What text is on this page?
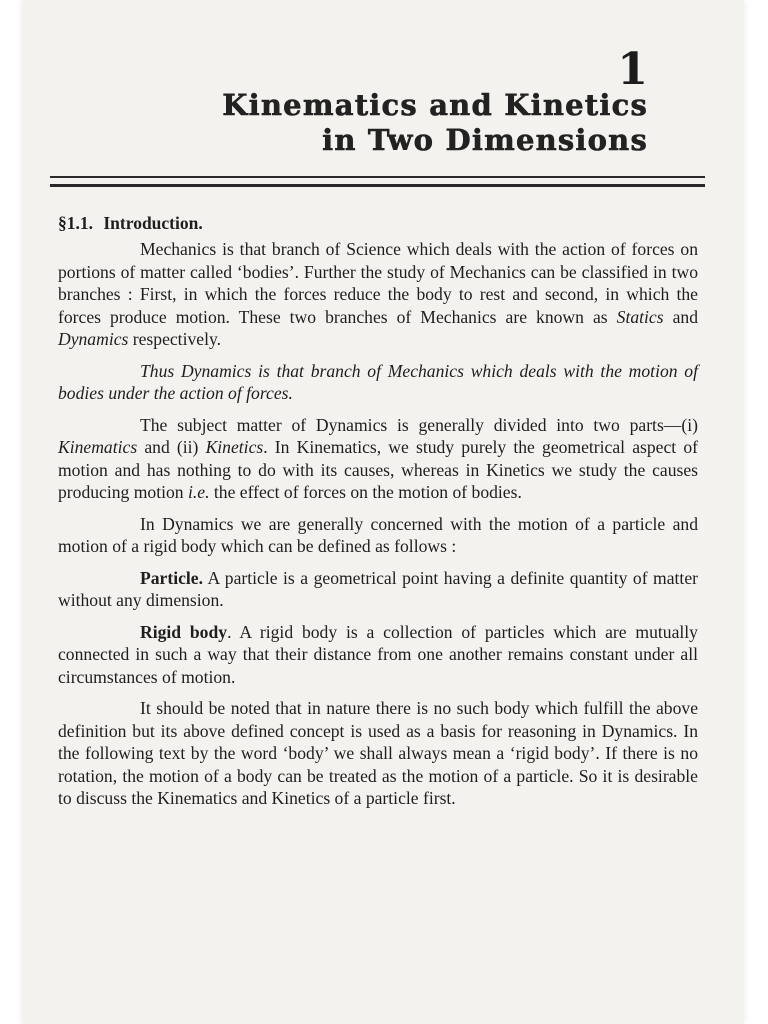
1
Kinematics and Kinetics
in Two Dimensions
§1.1. Introduction.

Mechanics is that branch of Science which deals with the action of forces on portions of matter called ‘bodies’. Further the study of Mechanics can be classified in two branches : First, in which the forces reduce the body to rest and second, in which the forces produce motion. These two branches of Mechanics are known as Statics and Dynamics respectively.

Thus Dynamics is that branch of Mechanics which deals with the motion of bodies under the action of forces.

The subject matter of Dynamics is generally divided into two parts—(i) Kinematics and (ii) Kinetics. In Kinematics, we study purely the geometrical aspect of motion and has nothing to do with its causes, whereas in Kinetics we study the causes producing motion i.e. the effect of forces on the motion of bodies.

In Dynamics we are generally concerned with the motion of a particle and motion of a rigid body which can be defined as follows :

Particle. A particle is a geometrical point having a definite quantity of matter without any dimension.

Rigid body. A rigid body is a collection of particles which are mutually connected in such a way that their distance from one another remains constant under all circumstances of motion.

It should be noted that in nature there is no such body which fulfill the above definition but its above defined concept is used as a basis for reasoning in Dynamics. In the following text by the word ‘body’ we shall always mean a ‘rigid body’. If there is no rotation, the motion of a body can be treated as the motion of a particle. So it is desirable to discuss the Kinematics and Kinetics of a particle first.
